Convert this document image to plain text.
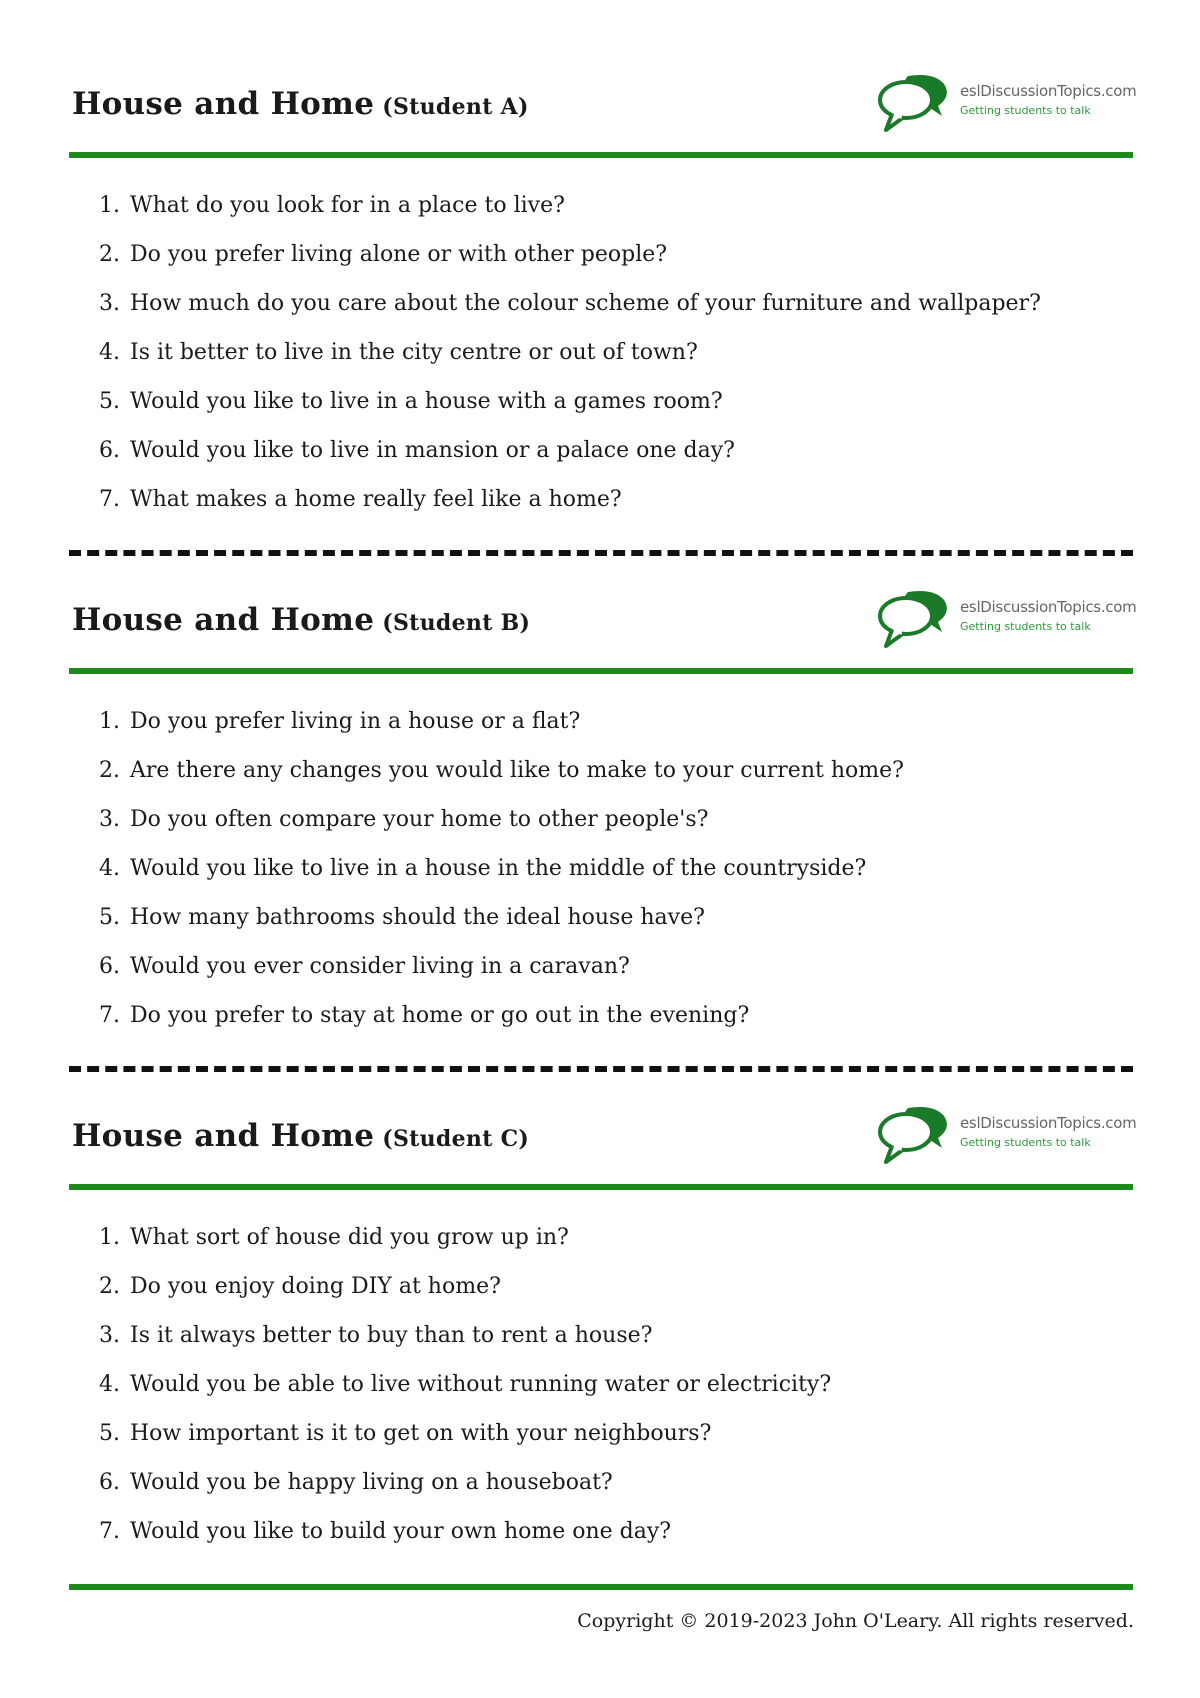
House and Home (Student A)
eslDiscussionTopics.com
Getting students to talk
1. What do you look for in a place to live?
2. Do you prefer living alone or with other people?
3. How much do you care about the colour scheme of your furniture and wallpaper?
4. Is it better to live in the city centre or out of town?
5. Would you like to live in a house with a games room?
6. Would you like to live in mansion or a palace one day?
7. What makes a home really feel like a home?
House and Home (Student B)
eslDiscussionTopics.com
Getting students to talk
1. Do you prefer living in a house or a flat?
2. Are there any changes you would like to make to your current home?
3. Do you often compare your home to other people's?
4. Would you like to live in a house in the middle of the countryside?
5. How many bathrooms should the ideal house have?
6. Would you ever consider living in a caravan?
7. Do you prefer to stay at home or go out in the evening?
House and Home (Student C)
eslDiscussionTopics.com
Getting students to talk
1. What sort of house did you grow up in?
2. Do you enjoy doing DIY at home?
3. Is it always better to buy than to rent a house?
4. Would you be able to live without running water or electricity?
5. How important is it to get on with your neighbours?
6. Would you be happy living on a houseboat?
7. Would you like to build your own home one day?
Copyright © 2019-2023 John O'Leary. All rights reserved.
